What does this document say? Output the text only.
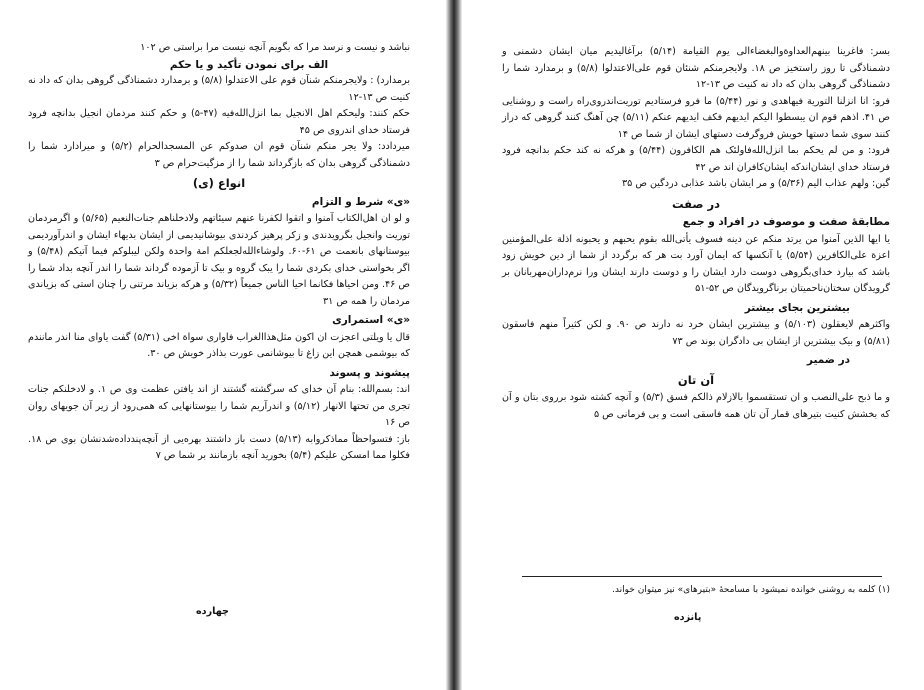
نباشد و نیست و نرسد مرا که بگویم آنچه نیست مرا براستی ص ۱۰۲

الف برای نمودن تأکید و یا حکم

برمدارد) : ولایجرمنکم شنآن قوم علی الاعتدلوا (۵/۸) و برمدارد دشمناذگی گروهی بدان که داد نه کنیت ص ۱۳-۱۲

حکم کنند: ولیحکم اهل الانجیل بما انزل‌الله‌فیه (۴۷-۵) و حکم کنند مردمان انجیل بدانچه فرود فرستاد خدای اندروی ص ۴۵

میردادد: ولا یجر منکم شنآن قوم ان صدوکم عن المسجدالحرام (۵/۲) و میرادارد شما را دشمناذگی گروهی بدان که بازگرداند شما را از مزگیت‌حرام ص ۳

انواع (ی)
«ی» شرط و التزام

و لو ان اهل‌الکتاب آمنوا و اتقوا لکفرنا عنهم سیئاتهم ولادخلناهم جنات‌النعیم (۵/۶۵) و اگرمردمان توریت وانجیل بگرویدندی و زکر پرهیز کردندی بیوشانیدیمی از ایشان بدیهاء ایشان و اندرآوردیمی بیوستانهای بانعمت ص ۶۱-۶۰. ولوشاءالله‌لجعلکم امة واحدة ولکن لیبلوکم فیما آتیکم (۵/۴۸) و اگر بخواستی خدای بکردی شما را یبک گروه و بیک تا آزموده گرداند شما را اندر آنچه بداد شما را ص ۴۶. ومن احیاها فکانما احیا الناس جمیعاً (۵/۳۲) و هرکه بزیاند مرتنی را چنان استی که بزیاندی مردمان را همه ص ۳۱

«ی» استمراری

قال یا ویلتی اعجزت ان اکون مثل‌هذا‌الغراب فاواری سواة اخی (۵/۳۱) گفت یاوای منا اندر مانندم که بیوشمی همچن این زاغ تا بیوشانمی عورت بذاذر خویش ص ۳۰.

پیشوند و پسوند

اند: بسم‌الله: بنام آن خدای که سرگشته گشتند از اند یافتن عظمت وی ص ۱. و لادخلنکم جنات تجری من تحتها الانهار (۵/۱۲) و اندرآریم شما را بیوستانهایی که همی‌رود از زیر آن جویهای روان ص ۱۶

باز: فتسواحظاً مماذکروابه (۵/۱۳) دست باز داشتند بهره‌یی از آنچه‌پندداده‌شدنشان بوی ص ۱۸. فکلوا مما امسکن علیکم (۵/۴) بخورید آنچه بازمانند بر شما ص ۷

چهارده

بسر: فاغرینا بینهم‌العداوةوالبغضاءالی یوم القیامة (۵/۱۴) برآغالیدیم میان ایشان دشمنی و دشمناذگی تا روز راستخیز ص ۱۸. ولایجرمنکم شنئان قوم علی‌الاعتدلوا (۵/۸) و برمدارد شما را دشمناذگی گروهی بدان که داد نه کنیت ص ۱۳-۱۲

فرو: انا انزلنا التوریة فیهاهدی و نور (۵/۴۴) ما فرو فرستادیم توریت‌اندروی‌راه راست و روشنایی ص ۴۱. اذهم قوم ان یبسطوا الیکم ایدیهم فکف ایدیهم عنکم (۵/۱۱) چن آهنگ کنند گروهی که دراز کنند سوی شما دستها خویش فروگرفت دستهای ایشان از شما ص ۱۴

فرود: و من لم یحکم بما انزل‌الله‌فاولئک هم الکافرون (۵/۴۴) و هرکه نه کند حکم بدانچه فرود فرستاد خدای ایشان‌اندکه ایشان‌کافران اند ص ۴۲

گین: ولهم عذاب الیم (۵/۳۶) و مر ایشان باشد عذابی دردگین ص ۳۵

در صفت
مطابقهٔ صفت و موصوف در افراد و جمع

یا ایها الذین آمنوا من یرتد منکم عن دینه فسوف یأتی‌الله بقوم یحبهم و یحبونه اذلة علی‌المؤمنین اعزة علی‌الکافرین (۵/۵۴) یا آنکسها که ایمان آورد بت هر که برگردد از شما از دین خویش زود باشد که بیارد خدای‌بگروهی دوست دارد ایشان را و دوست دارند ایشان ورا نرم‌داران‌مهربانان بر گرویدگان سختان‌ناحمیتان برناگرویدگان ص ۵۲-۵۱

بیشترین بجای بیشتر

واکثرهم لایعقلون (۵/۱۰۳) و بیشترین ایشان خرد نه دارند ص ۹۰. و لکن کثیراً منهم فاسقون (۵/۸۱) و بیک بیشترین از ایشان بی دادگران بوند ص ۷۳

در ضمیر
آن تان

و ما ذبح علی‌النصب و ان تستقسموا بالازلام ذالکم فسق (۵/۳) و آنچه کشته شود برروی بتان و آن که بخشش کنیت بتیرهای قمار آن تان همه فاسقی است و بی فرمانی ص ۵

(۱) کلمه به روشنی خوانده نمیشود با مسامحهٔ «بتیرهای» نیز میتوان خواند.
پانزده
